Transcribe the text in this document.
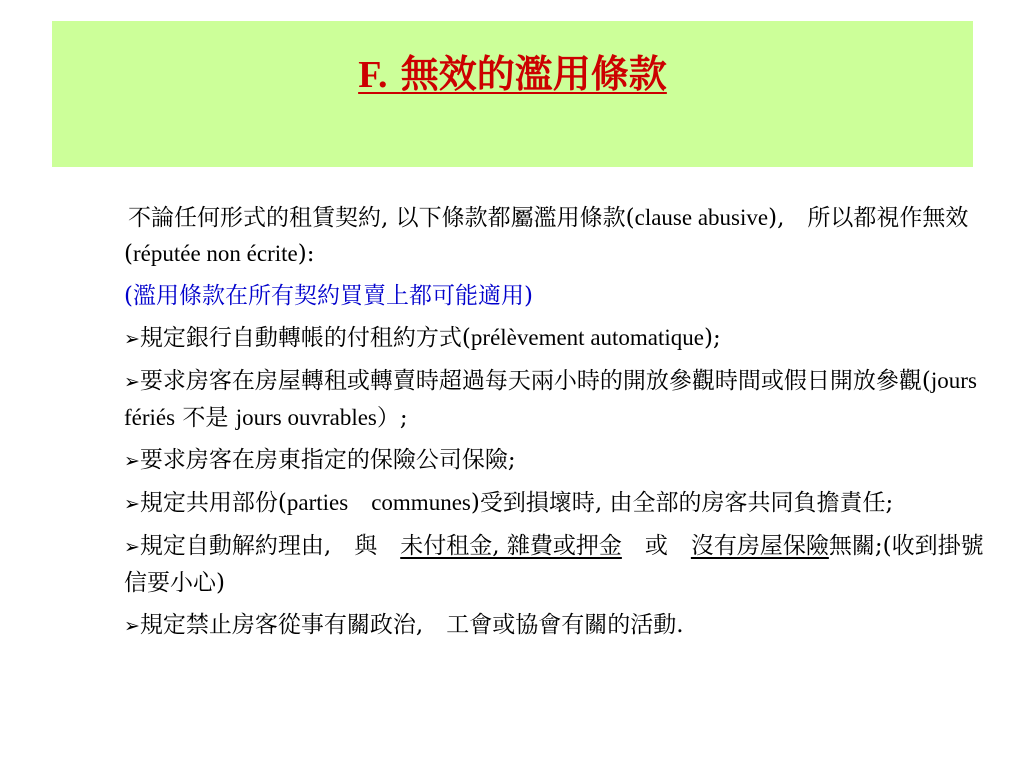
F. 無效的濫用條款

不論任何形式的租賃契約, 以下條款都屬濫用條款(clause abusive),　所以都視作無效(réputée non écrite):

(濫用條款在所有契約買賣上都可能適用)

➢規定銀行自動轉帳的付租約方式(prélèvement automatique);

➢要求房客在房屋轉租或轉賣時超過每天兩小時的開放參觀時間或假日開放參觀(jours fériés 不是 jours ouvrables）;

➢要求房客在房東指定的保險公司保險;

➢規定共用部份(parties　communes)受到損壞時, 由全部的房客共同負擔責任;

➢規定自動解約理由,　與　未付租金, 雜費或押金　或　沒有房屋保險無關;(收到掛號信要小心)

➢規定禁止房客從事有關政治,　工會或協會有關的活動.
